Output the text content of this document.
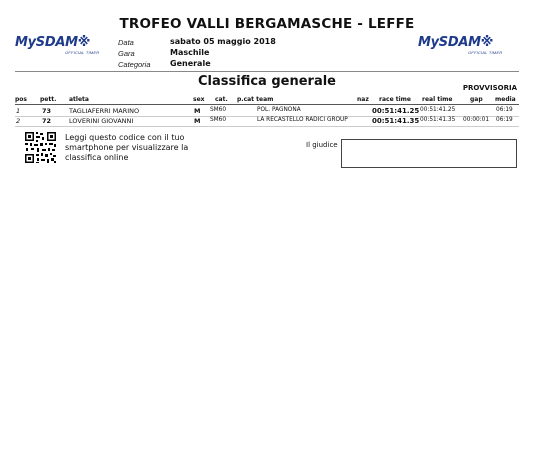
TROFEO VALLI BERGAMASCHE - LEFFE
MySDAM※
OFFICIAL TIMER
MySDAM※
OFFICIAL TIMER
Data	sabato 05 maggio 2018
Gara	Maschile
Categoria Generale
Classifica generale	PROVVISORIA
pos pett. atleta	sex cat. p.cat team	naz race time real time	gap media
1	73	TAGLIAFERRI MARINO	M SM60	POL. PAGNONA	00:51:41.25 00:51:41.25	06:19
2	72	LOVERINI GIOVANNI	M SM60	LA RECASTELLO RADICI GROUP	00:51:41.35 00:51:41.35 00:00:01 06:19
Leggi questo codice con il tuo smartphone per visualizzare la classifica online
Il giudice
